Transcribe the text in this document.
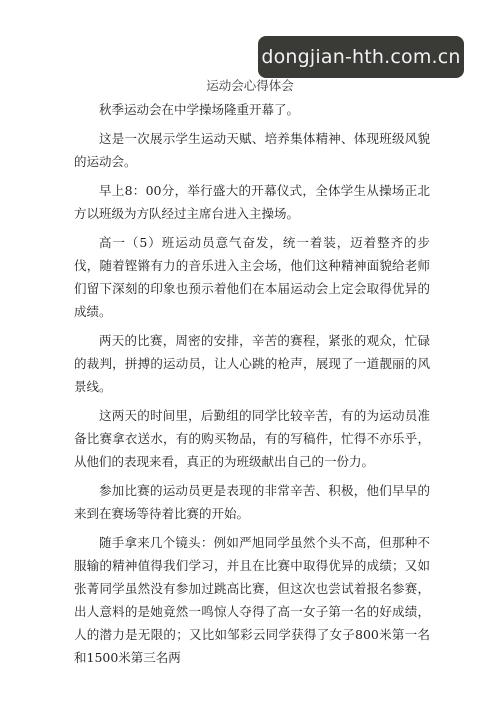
dongjian-hth.com.cn
运动会心得体会

秋季运动会在中学操场隆重开幕了。

这是一次展示学生运动天赋、培养集体精神、体现班级风貌的运动会。

早上8：00分，举行盛大的开幕仪式，全体学生从操场正北方以班级为方队经过主席台进入主操场。

高一（5）班运动员意气奋发，统一着装，迈着整齐的步伐，随着铿锵有力的音乐进入主会场，他们这种精神面貌给老师们留下深刻的印象也预示着他们在本届运动会上定会取得优异的成绩。

两天的比赛，周密的安排，辛苦的赛程，紧张的观众，忙碌的裁判，拼搏的运动员，让人心跳的枪声，展现了一道靓丽的风景线。

这两天的时间里，后勤组的同学比较辛苦，有的为运动员准备比赛拿衣送水，有的购买物品，有的写稿件，忙得不亦乐乎，从他们的表现来看，真正的为班级献出自己的一份力。

参加比赛的运动员更是表现的非常辛苦、积极，他们早早的来到在赛场等待着比赛的开始。

随手拿来几个镜头：例如严旭同学虽然个头不高，但那种不服输的精神值得我们学习，并且在比赛中取得优异的成绩；又如张菁同学虽然没有参加过跳高比赛，但这次也尝试着报名参赛，出人意料的是她竟然一鸣惊人夺得了高一女子第一名的好成绩，人的潜力是无限的；又比如邹彩云同学获得了女子800米第一名和1500米第三名两
